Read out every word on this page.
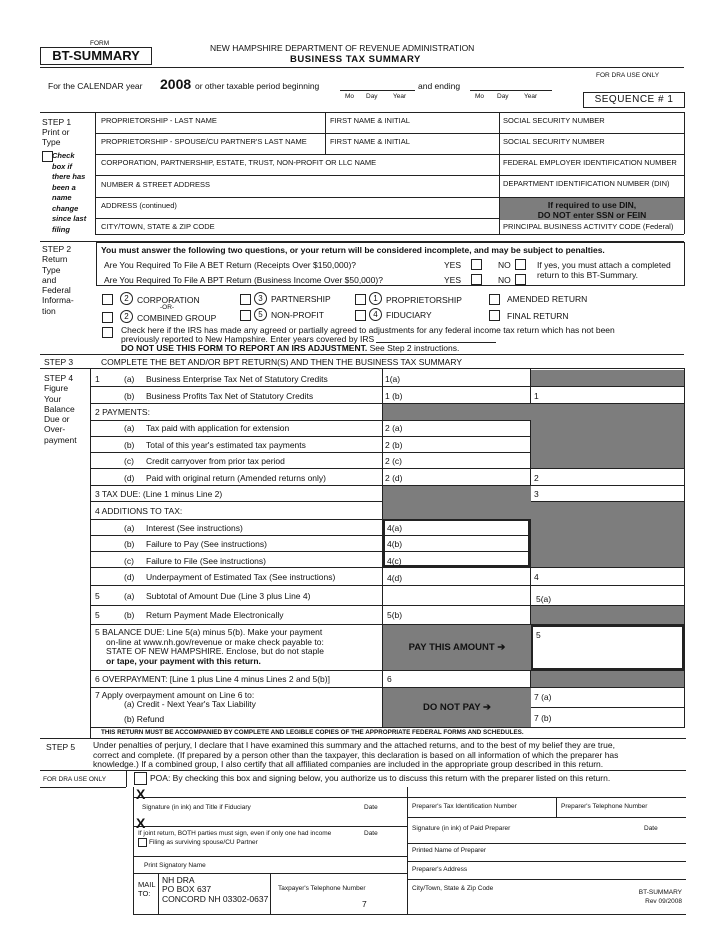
FORM
BT-SUMMARY	NEW HAMPSHIRE DEPARTMENT OF REVENUE ADMINISTRATION
BUSINESS TAX SUMMARY
FOR DRA USE ONLY
For the CALENDAR year 2008 or other taxable period beginning	and ending
Mo Day Year	Mo Day Year	SEQUENCE # 1
STEP 1
Print or
Type
Check
box if
there has
been a
name
change
since last
filing
PROPRIETORSHIP - LAST NAME	FIRST NAME & INITIAL	SOCIAL SECURITY NUMBER
PROPRIETORSHIP - SPOUSE/CU PARTNER'S LAST NAME	FIRST NAME & INITIAL	SOCIAL SECURITY NUMBER
CORPORATION, PARTNERSHIP, ESTATE, TRUST, NON-PROFIT OR LLC NAME	FEDERAL EMPLOYER IDENTIFICATION NUMBER
NUMBER & STREET ADDRESS	DEPARTMENT IDENTIFICATION NUMBER (DIN)
ADDRESS (continued)	If required to use DIN,
DO NOT enter SSN or FEIN
CITY/TOWN, STATE & ZIP CODE	PRINCIPAL BUSINESS ACTIVITY CODE (Federal)
STEP 2
Return
Type
and
Federal
Informa-
tion
You must answer the following two questions, or your return will be considered incomplete, and may be subject to penalties.
Are You Required To File A BET Return (Receipts Over $150,000)?
Are You Required To File A BPT Return (Business Income Over $50,000)?
YES	NO
YES	NO
If yes, you must attach a completed
return to this BT-Summary.
2 CORPORATION
-OR-
3 PARTNERSHIP	1 PROPRIETORSHIP	AMENDED RETURN
2 COMBINED GROUP	5 NON-PROFIT	4 FIDUCIARY	FINAL RETURN
Check here if the IRS has made any agreed or partially agreed to adjustments for any federal income tax return which has not been
previously reported to New Hampshire. Enter years covered by IRS
DO NOT USE THIS FORM TO REPORT AN IRS ADJUSTMENT. See Step 2 instructions.
STEP 3	COMPLETE THE BET AND/OR BPT RETURN(S) AND THEN THE BUSINESS TAX SUMMARY
STEP 4
Figure
Your
Balance
Due or
Over-
payment
1	(a) Business Enterprise Tax Net of Statutory Credits	1(a)
(b) Business Profits Tax Net of Statutory Credits	1 (b)	1
2 PAYMENTS:
(a) Tax paid with application for extension	2 (a)
(b) Total of this year's estimated tax payments	2 (b)
(c) Credit carryover from prior tax period	2 (c)
(d) Paid with original return (Amended returns only)	2 (d)	2
3 TAX DUE: (Line 1 minus Line 2)	3
4 ADDITIONS TO TAX:
(a) Interest (See instructions)	4(a)
(b) Failure to Pay (See instructions)	4(b)
(c) Failure to File (See instructions)	4(c)
(d) Underpayment of Estimated Tax (See instructions)	4(d)	4
5	(a) Subtotal of Amount Due (Line 3 plus Line 4)	5(a)
5	(b) Return Payment Made Electronically	5(b)
5 BALANCE DUE: Line 5(a) minus 5(b). Make your payment
on-line at www.nh.gov/revenue or make check payable to:
STATE OF NEW HAMPSHIRE. Enclose, but do not staple
or tape, your payment with this return.
PAY THIS AMOUNT ➔
5
6 OVERPAYMENT: [Line 1 plus Line 4 minus Lines 2 and 5(b)]	6
7 Apply overpayment amount on Line 6 to:
(a) Credit - Next Year's Tax Liability
(b) Refund
DO NOT PAY ➔
7 (a)
7 (b)
THIS RETURN MUST BE ACCOMPANIED BY COMPLETE AND LEGIBLE COPIES OF THE APPROPRIATE FEDERAL FORMS AND SCHEDULES.
STEP 5 Under penalties of perjury, I declare that I have examined this summary and the attached returns, and to the best of my belief they are true,
correct and complete. (If prepared by a person other than the taxpayer, this declaration is based on all information of which the preparer has
knowledge.) If a combined group, I also certify that all affiliated companies are included in the appropriate group described in this return.
FOR DRA USE ONLY	POA: By checking this box and signing below, you authorize us to discuss this return with the preparer listed on this return.
X
Signature (in ink) and Title if Fiduciary	Date	Preparer's Tax Identification Number	Preparer's Telephone Number
X
If joint return, BOTH parties must sign, even if only one had income	Date
Filing as surviving spouse/CU Partner
Signature (in ink) of Paid Preparer	Date
Printed Name of Preparer
Print Signatory Name
Preparer's Address
MAIL
TO:
NH DRA
PO BOX 637
CONCORD NH 03302-0637
Taxpayer's Telephone Number	City/Town, State & Zip Code
7
BT-SUMMARY
Rev 09/2008
